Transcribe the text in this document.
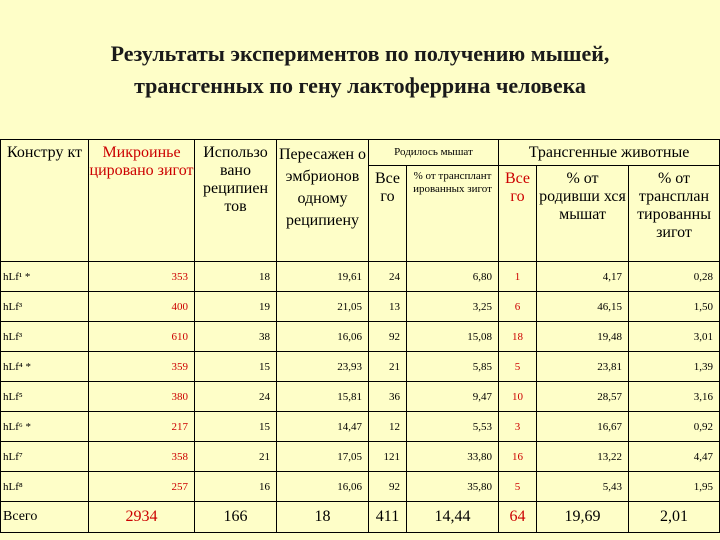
Результаты экспериментов по получению мышей,
трансгенных по гену лактоферрина человека
Констру кт	Микроинье цировано зигот	Использо вано реципиен тов	Пересажен о эмбрионов одному реципиену	Родилось мышат		Трансгенные животные		
				Все го	% от трансплант ированных зигот	Все го	% от родивши хся мышат	% от трансплан тированны зигот
hLf¹ *	353	18	19,61	24	6,80	1	4,17	0,28
hLf³	400	19	21,05	13	3,25	6	46,15	1,50
hLf³	610	38	16,06	92	15,08	18	19,48	3,01
hLf⁴ *	359	15	23,93	21	5,85	5	23,81	1,39
hLf⁵	380	24	15,81	36	9,47	10	28,57	3,16
hLf⁶ *	217	15	14,47	12	5,53	3	16,67	0,92
hLf⁷	358	21	17,05	121	33,80	16	13,22	4,47
hLf⁸	257	16	16,06	92	35,80	5	5,43	1,95
Всего	2934	166	18	411	14,44	64	19,69	2,01
